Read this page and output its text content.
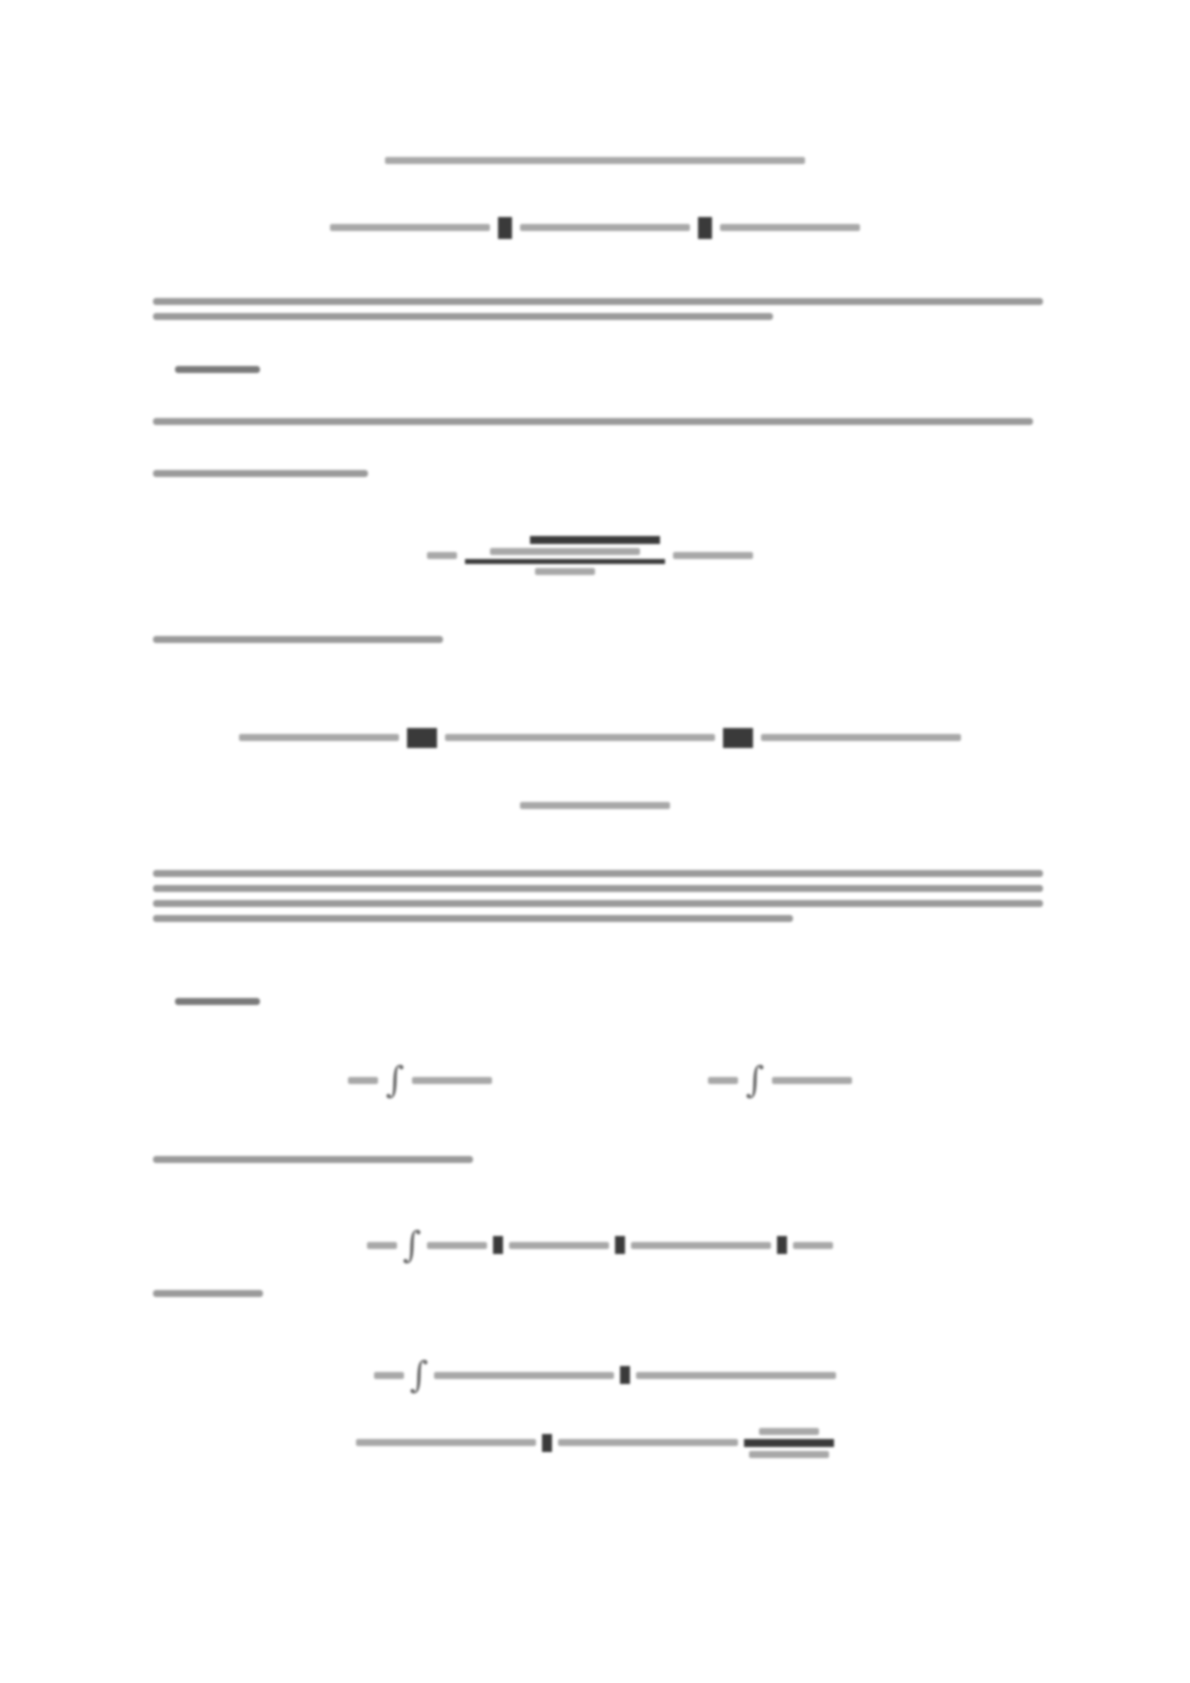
∫	∫
∫
∫
